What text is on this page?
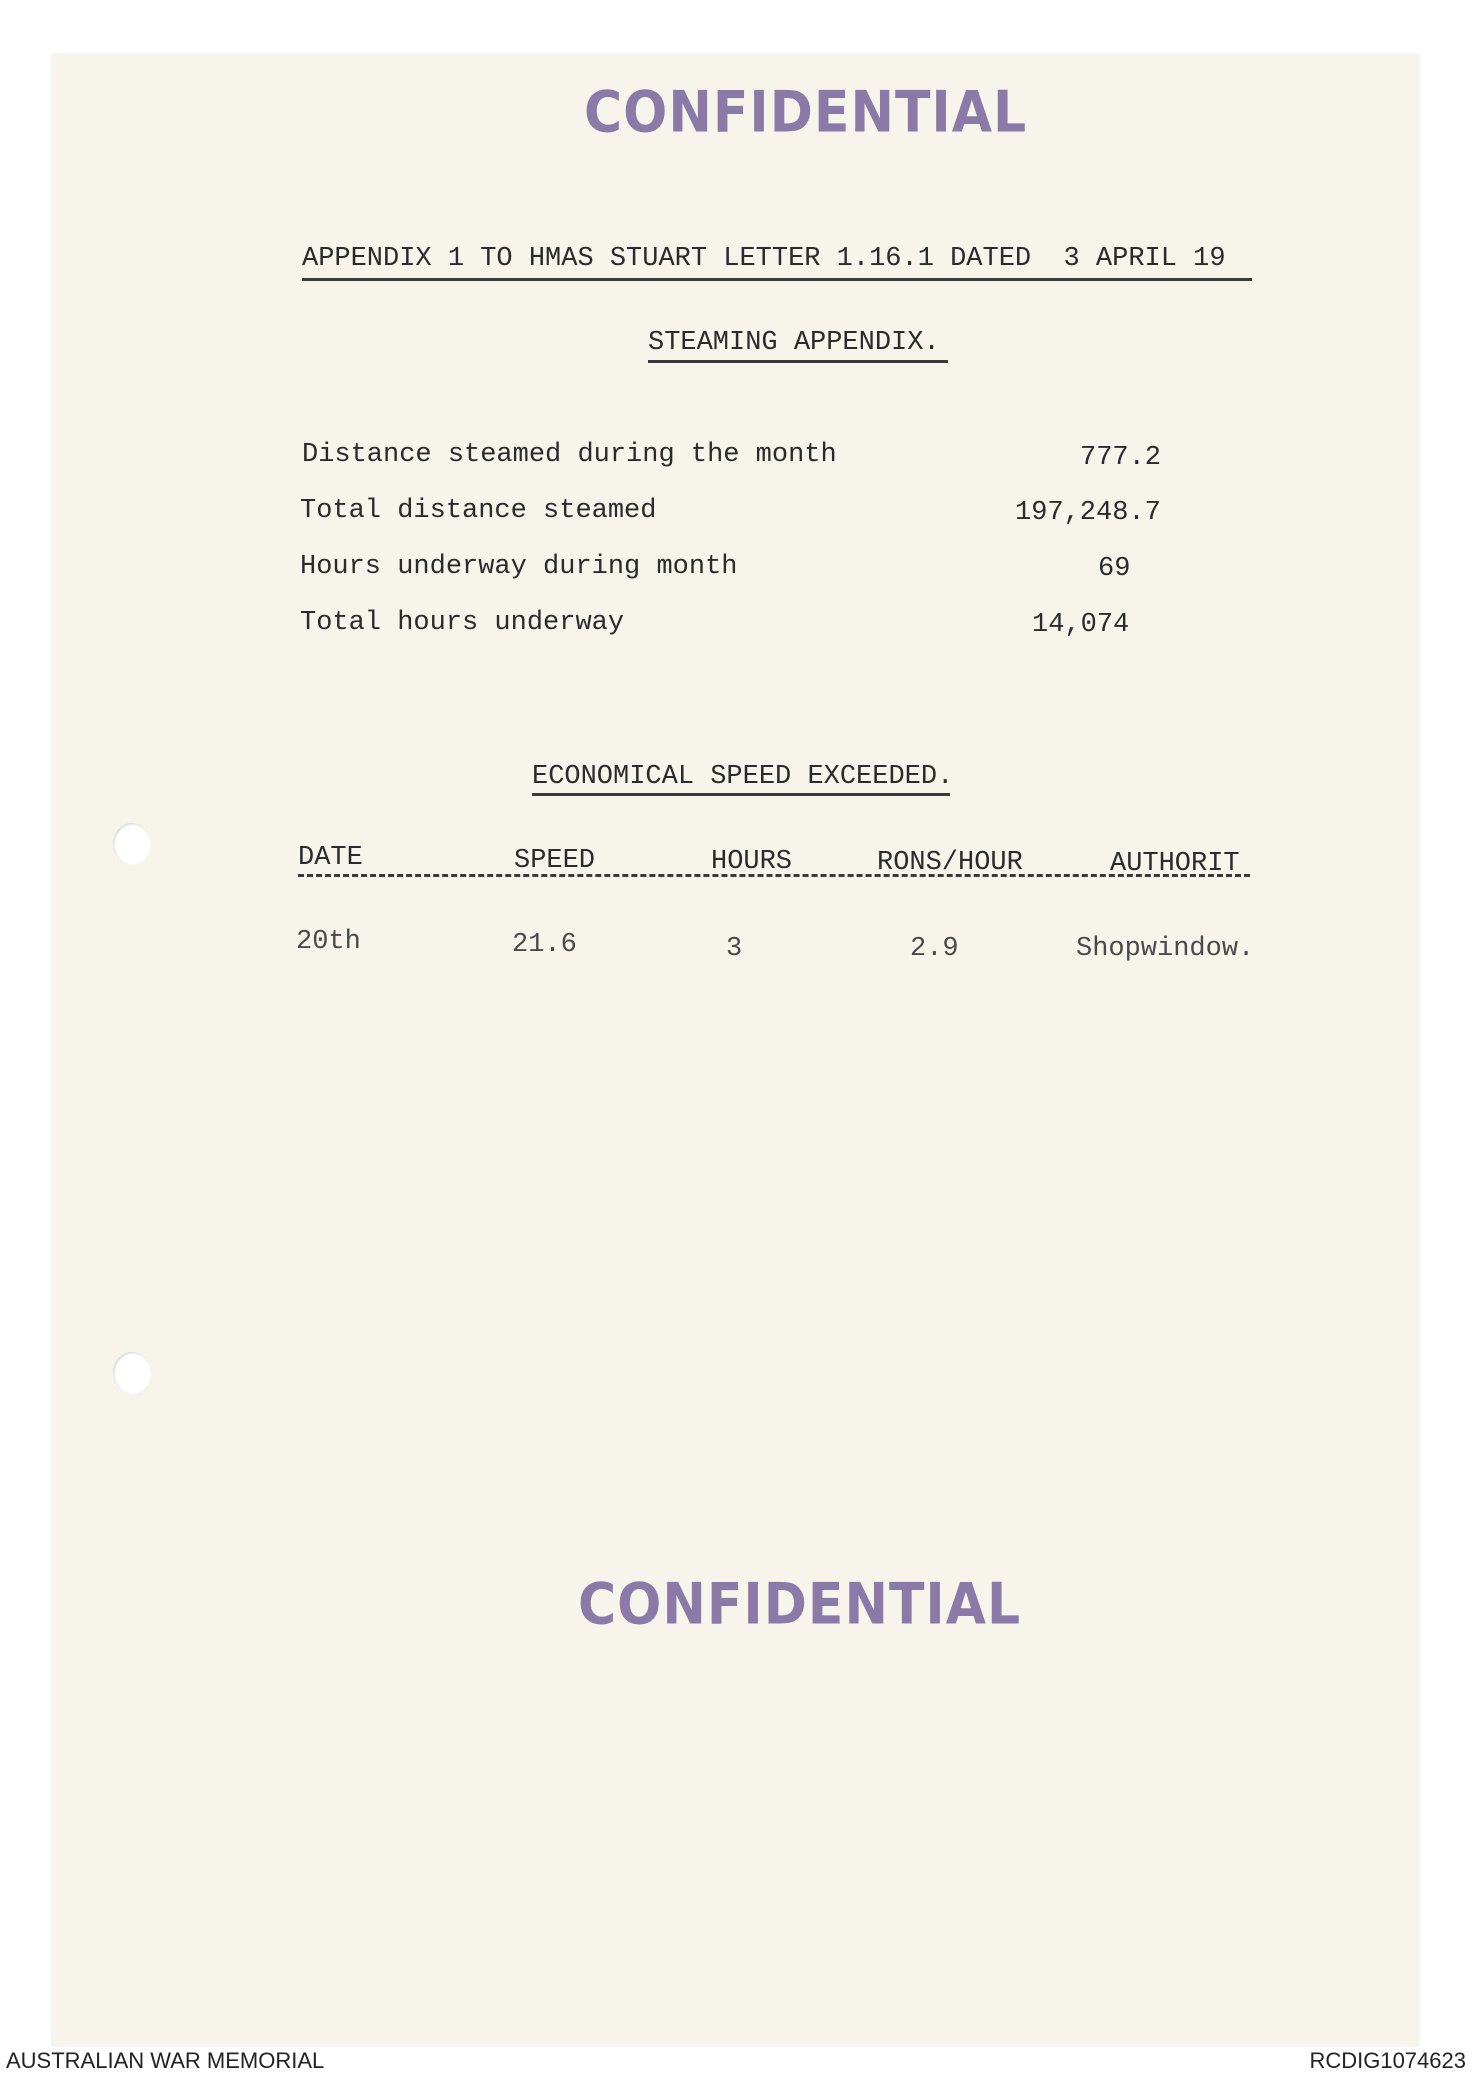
CONFIDENTIAL
APPENDIX 1 TO HMAS STUART LETTER 1.16.1 DATED  3 APRIL 19
STEAMING APPENDIX.
Distance steamed during the month	777.2
Total distance steamed	197,248.7
Hours underway during month	69
Total hours underway	14,074
ECONOMICAL SPEED EXCEEDED.
DATE	SPEED	HOURS	RONS/HOUR	AUTHORIT
20th	21.6	3	2.9	Shopwindow.
CONFIDENTIAL
AUSTRALIAN WAR MEMORIAL	RCDIG1074623
